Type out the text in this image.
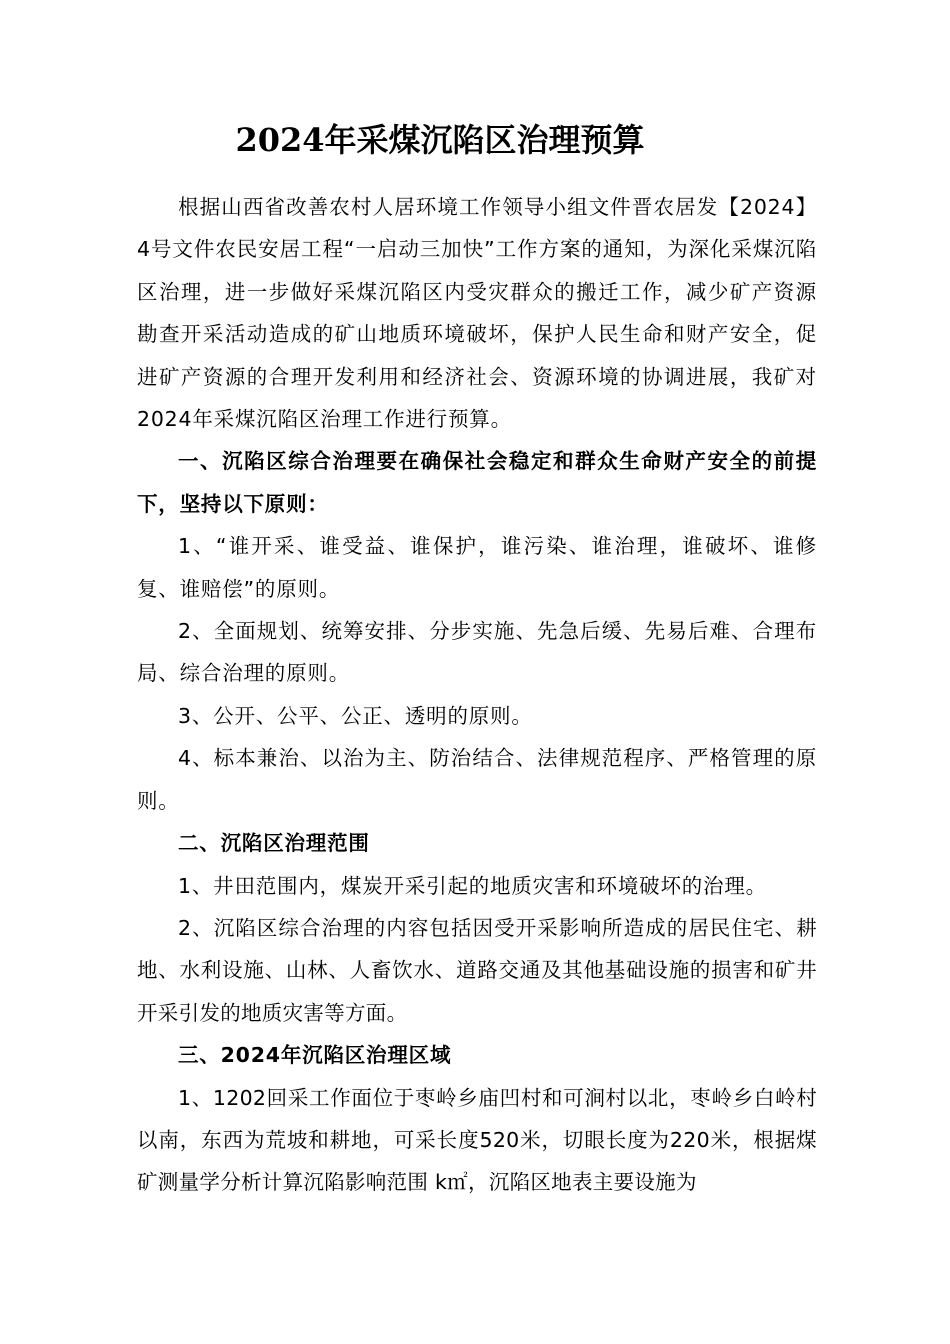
2024年采煤沉陷区治理预算

根据山西省改善农村人居环境工作领导小组文件晋农居发【2024】4号文件农民安居工程“一启动三加快”工作方案的通知，为深化采煤沉陷区治理，进一步做好采煤沉陷区内受灾群众的搬迁工作，减少矿产资源勘查开采活动造成的矿山地质环境破坏，保护人民生命和财产安全，促进矿产资源的合理开发利用和经济社会、资源环境的协调进展，我矿对2024年采煤沉陷区治理工作进行预算。

一、沉陷区综合治理要在确保社会稳定和群众生命财产安全的前提下，坚持以下原则：

1、“谁开采、谁受益、谁保护，谁污染、谁治理，谁破坏、谁修复、谁赔偿”的原则。

2、全面规划、统筹安排、分步实施、先急后缓、先易后难、合理布局、综合治理的原则。

3、公开、公平、公正、透明的原则。

4、标本兼治、以治为主、防治结合、法律规范程序、严格管理的原则。

二、沉陷区治理范围

1、井田范围内，煤炭开采引起的地质灾害和环境破坏的治理。

2、沉陷区综合治理的内容包括因受开采影响所造成的居民住宅、耕地、水利设施、山林、人畜饮水、道路交通及其他基础设施的损害和矿井开采引发的地质灾害等方面。

三、2024年沉陷区治理区域

1、1202回采工作面位于枣岭乡庙凹村和可涧村以北，枣岭乡白岭村以南，东西为荒坡和耕地，可采长度520米，切眼长度为220米，根据煤矿测量学分析计算沉陷影响范围 k㎡，沉陷区地表主要设施为
